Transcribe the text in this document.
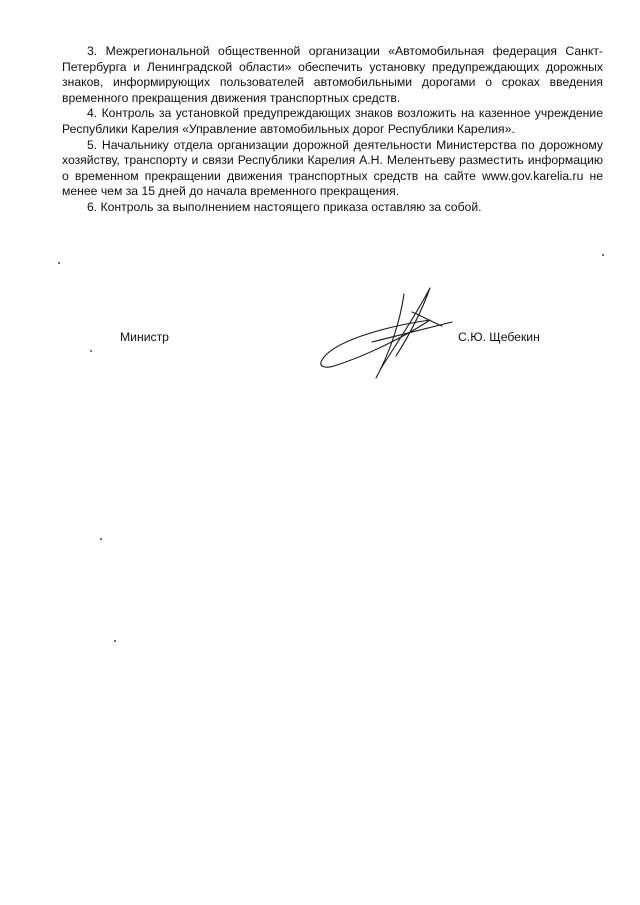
3. Межрегиональной общественной организации «Автомобильная федерация Санкт-Петербурга и Ленинградской области» обеспечить установку предупреждающих дорожных знаков, информирующих пользователей автомобильными дорогами о сроках введения временного прекращения движения транспортных средств.

4. Контроль за установкой предупреждающих знаков возложить на казенное учреждение Республики Карелия «Управление автомобильных дорог Республики Карелия».

5. Начальнику отдела организации дорожной деятельности Министерства по дорожному хозяйству, транспорту и связи Республики Карелия А.Н. Мелентьеву разместить информацию о временном прекращении движения транспортных средств на сайте www.gov.karelia.ru не менее чем за 15 дней до начала временного прекращения.

6. Контроль за выполнением настоящего приказа оставляю за собой.

Министр	С.Ю. Щебекин
